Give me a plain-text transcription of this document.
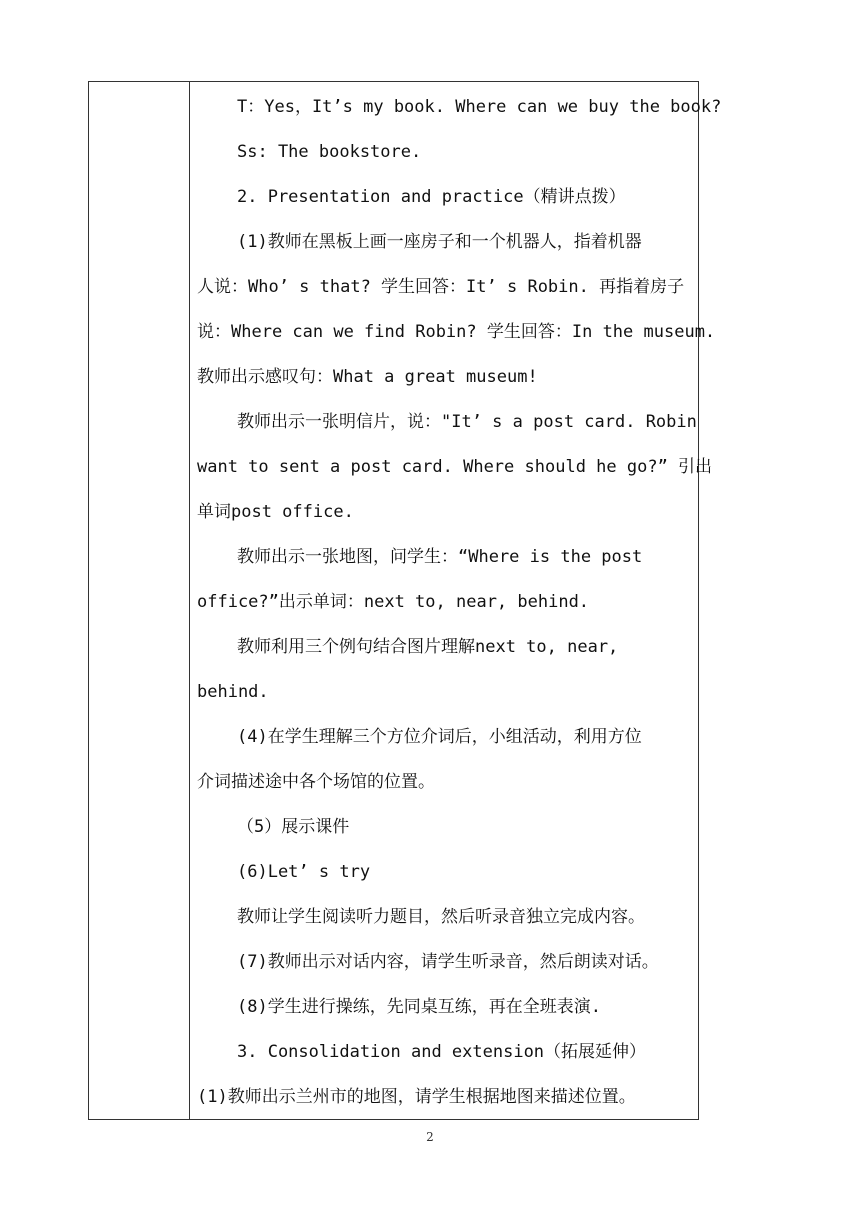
T：Yes，It’s my book. Where can we buy the book?
Ss: The bookstore.
2. Presentation and practice（精讲点拨）
(1)教师在黑板上画一座房子和一个机器人，指着机器
人说：Who’ s that? 学生回答：It’ s Robin. 再指着房子
说：Where can we find Robin? 学生回答：In the museum.
教师出示感叹句：What a great museum!
教师出示一张明信片，说："It’ s a post card. Robin
want to sent a post card. Where should he go?” 引出
单词post office.
教师出示一张地图，问学生：“Where is the post
office?”出示单词：next to, near, behind.
教师利用三个例句结合图片理解next to, near,
behind.
(4)在学生理解三个方位介词后，小组活动，利用方位
介词描述途中各个场馆的位置。
（5）展示课件
(6)Let’ s try
教师让学生阅读听力题目，然后听录音独立完成内容。
(7)教师出示对话内容，请学生听录音，然后朗读对话。
(8)学生进行操练，先同桌互练，再在全班表演.
3. Consolidation and extension（拓展延伸）
(1)教师出示兰州市的地图，请学生根据地图来描述位置。
2
